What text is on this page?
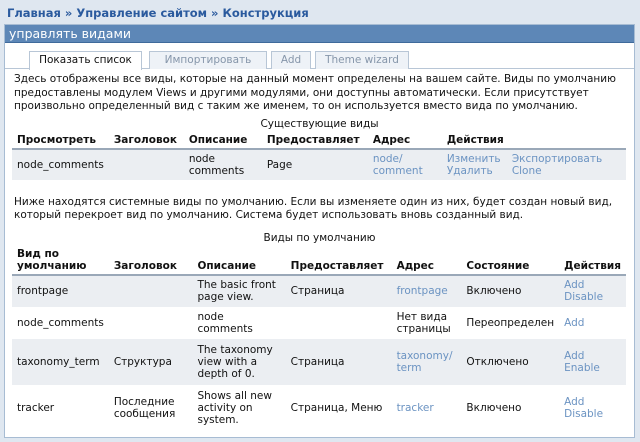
Главная » Управление сайтом » Конструкция
управлять видами
Показать список	Импортировать	Add	Theme wizard
Здесь отображены все виды, которые на данный момент определены на вашем сайте. Виды по умолчанию предоставлены модулем Views и другими модулями, они доступны автоматически. Если присутствует произвольно определенный вид с таким же именем, то он используется вместо вида по умолчанию.
Существующие виды
Просмотреть	Заголовок	Описание	Предоставляет	Адрес	Действия
node_comments		node comments	Page	node/ comment	Изменить Экспортировать
Удалить Clone
Ниже находятся системные виды по умолчанию. Если вы изменяете один из них, будет создан новый вид, который перекроет вид по умолчанию. Система будет использовать вновь созданный вид.
Виды по умолчанию
Вид по умолчанию	Заголовок	Описание	Предоставляет	Адрес	Состояние	Действия
frontpage		The basic front page view.	Страница	frontpage	Включено	Add
Disable
node_comments		node comments		Нет вида страницы	Переопределен	Add
taxonomy_term	Структура	The taxonomy view with a depth of 0.	Страница	taxonomy/ term	Отключено	Add
Enable
tracker	Последние сообщения	Shows all new activity on system.	Страница, Меню	tracker	Включено	Add
Disable
